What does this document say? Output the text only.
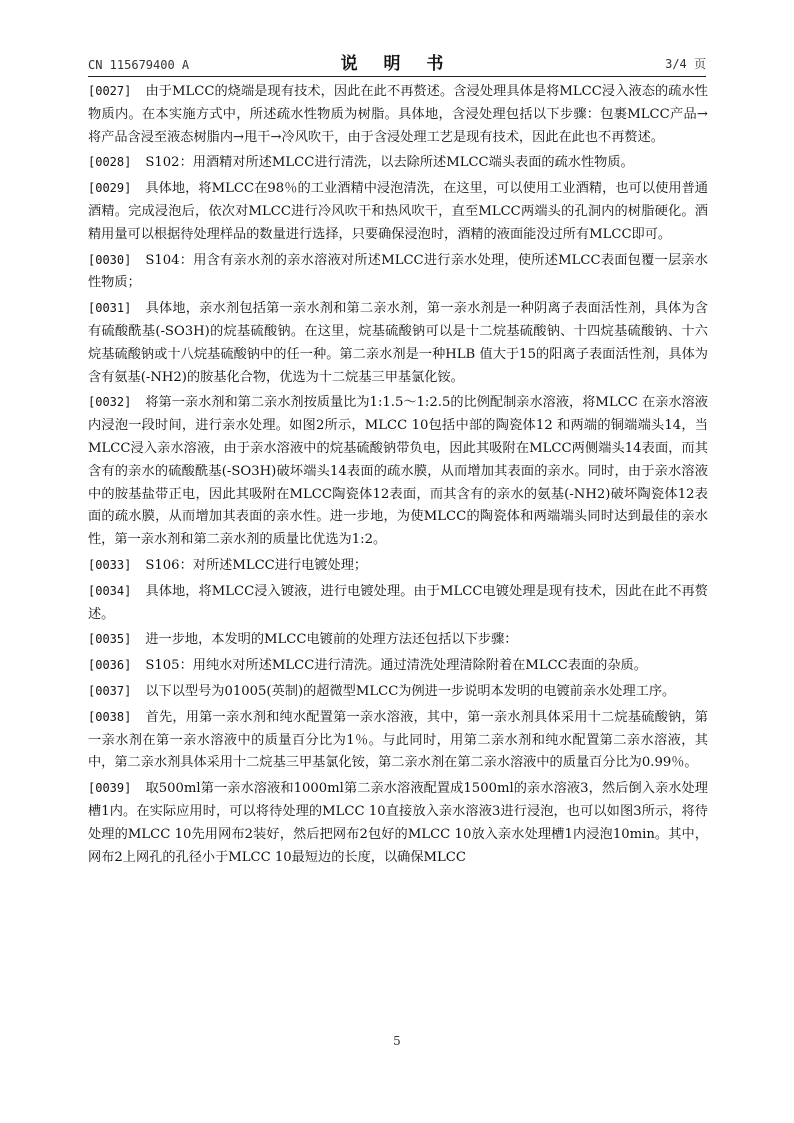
CN 115679400 A	说 明 书	3/4 页

[0027] 由于MLCC的烧端是现有技术，因此在此不再赘述。含浸处理具体是将MLCC浸入液态的疏水性物质内。在本实施方式中，所述疏水性物质为树脂。具体地，含浸处理包括以下步骤：包裹MLCC产品→将产品含浸至液态树脂内→甩干→冷风吹干，由于含浸处理工艺是现有技术，因此在此也不再赘述。

[0028] S102：用酒精对所述MLCC进行清洗，以去除所述MLCC端头表面的疏水性物质。

[0029] 具体地，将MLCC在98％的工业酒精中浸泡清洗，在这里，可以使用工业酒精，也可以使用普通酒精。完成浸泡后，依次对MLCC进行冷风吹干和热风吹干，直至MLCC两端头的孔洞内的树脂硬化。酒精用量可以根据待处理样品的数量进行选择，只要确保浸泡时，酒精的液面能没过所有MLCC即可。

[0030] S104：用含有亲水剂的亲水溶液对所述MLCC进行亲水处理，使所述MLCC表面包覆一层亲水性物质；

[0031] 具体地，亲水剂包括第一亲水剂和第二亲水剂，第一亲水剂是一种阴离子表面活性剂，具体为含有硫酸酰基(-SO3H)的烷基硫酸钠。在这里，烷基硫酸钠可以是十二烷基硫酸钠、十四烷基硫酸钠、十六烷基硫酸钠或十八烷基硫酸钠中的任一种。第二亲水剂是一种HLB 值大于15的阳离子表面活性剂，具体为含有氨基(-NH2)的胺基化合物，优选为十二烷基三甲基氯化铵。

[0032] 将第一亲水剂和第二亲水剂按质量比为1:1.5～1:2.5的比例配制亲水溶液，将MLCC 在亲水溶液内浸泡一段时间，进行亲水处理。如图2所示，MLCC 10包括中部的陶瓷体12 和两端的铜端端头14，当MLCC浸入亲水溶液，由于亲水溶液中的烷基硫酸钠带负电，因此其吸附在MLCC两侧端头14表面，而其含有的亲水的硫酸酰基(-SO3H)破坏端头14表面的疏水膜，从而增加其表面的亲水。同时，由于亲水溶液中的胺基盐带正电，因此其吸附在MLCC陶瓷体12表面，而其含有的亲水的氨基(-NH2)破坏陶瓷体12表面的疏水膜，从而增加其表面的亲水性。进一步地，为使MLCC的陶瓷体和两端端头同时达到最佳的亲水性，第一亲水剂和第二亲水剂的质量比优选为1:2。

[0033] S106：对所述MLCC进行电镀处理；

[0034] 具体地，将MLCC浸入镀液，进行电镀处理。由于MLCC电镀处理是现有技术，因此在此不再赘述。

[0035] 进一步地，本发明的MLCC电镀前的处理方法还包括以下步骤：

[0036] S105：用纯水对所述MLCC进行清洗。通过清洗处理清除附着在MLCC表面的杂质。

[0037] 以下以型号为01005(英制)的超微型MLCC为例进一步说明本发明的电镀前亲水处理工序。

[0038] 首先，用第一亲水剂和纯水配置第一亲水溶液，其中，第一亲水剂具体采用十二烷基硫酸钠，第一亲水剂在第一亲水溶液中的质量百分比为1％。与此同时，用第二亲水剂和纯水配置第二亲水溶液，其中，第二亲水剂具体采用十二烷基三甲基氯化铵，第二亲水剂在第二亲水溶液中的质量百分比为0.99％。

[0039] 取500ml第一亲水溶液和1000ml第二亲水溶液配置成1500ml的亲水溶液3，然后倒入亲水处理槽1内。在实际应用时，可以将待处理的MLCC 10直接放入亲水溶液3进行浸泡，也可以如图3所示，将待处理的MLCC 10先用网布2装好，然后把网布2包好的MLCC 10放入亲水处理槽1内浸泡10min。其中，网布2上网孔的孔径小于MLCC 10最短边的长度，以确保MLCC

5
